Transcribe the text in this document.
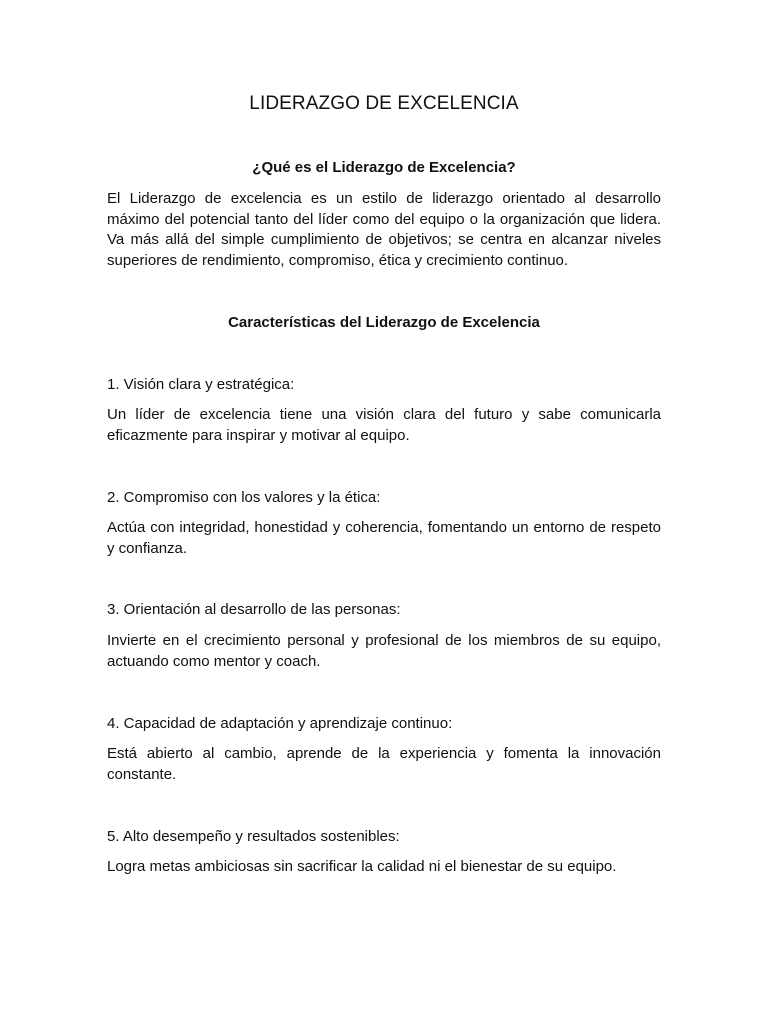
LIDERAZGO DE EXCELENCIA
¿Qué es el Liderazgo de Excelencia?

El Liderazgo de excelencia es un estilo de liderazgo orientado al desarrollo máximo del potencial tanto del líder como del equipo o la organización que lidera. Va más allá del simple cumplimiento de objetivos; se centra en alcanzar niveles superiores de rendimiento, compromiso, ética y crecimiento continuo.

Características del Liderazgo de Excelencia

1. Visión clara y estratégica:

Un líder de excelencia tiene una visión clara del futuro y sabe comunicarla eficazmente para inspirar y motivar al equipo.

2. Compromiso con los valores y la ética:

Actúa con integridad, honestidad y coherencia, fomentando un entorno de respeto y confianza.

3. Orientación al desarrollo de las personas:

Invierte en el crecimiento personal y profesional de los miembros de su equipo, actuando como mentor y coach.

4. Capacidad de adaptación y aprendizaje continuo:

Está abierto al cambio, aprende de la experiencia y fomenta la innovación constante.

5. Alto desempeño y resultados sostenibles:

Logra metas ambiciosas sin sacrificar la calidad ni el bienestar de su equipo.
